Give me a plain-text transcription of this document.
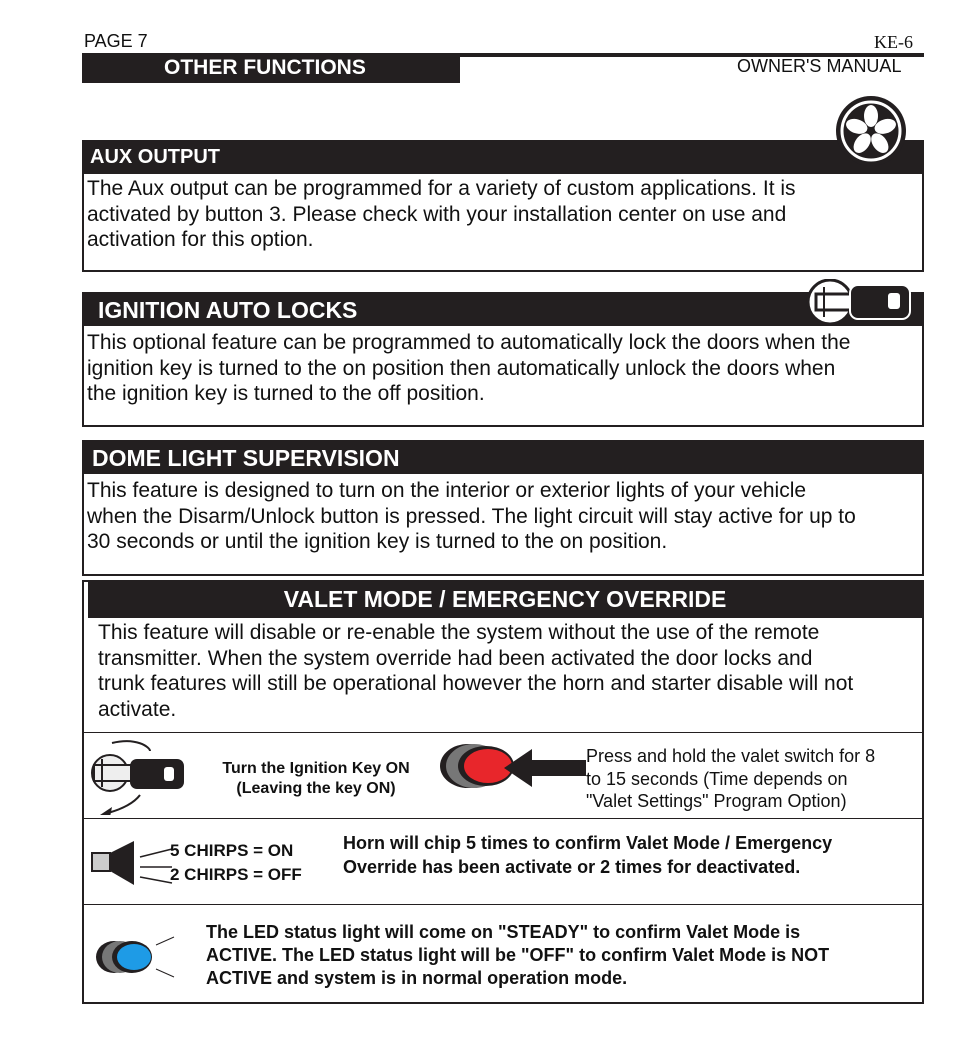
PAGE 7	KE-6
OTHER FUNCTIONS	OWNER'S MANUAL
AUX OUTPUT
The Aux output can be programmed for a variety of custom applications. It is
activated by button 3. Please check with your installation center on use and
activation for this option.
IGNITION AUTO LOCKS
This optional feature can be programmed to automatically lock the doors when the
ignition key is turned to the on position then automatically unlock the doors when
the ignition key is turned to the off position.
DOME LIGHT SUPERVISION
This feature is designed to turn on the interior or exterior lights of your vehicle
when the Disarm/Unlock button is pressed. The light circuit will stay active for up to
30 seconds or until the ignition key is turned to the on position.
VALET MODE / EMERGENCY OVERRIDE
This feature will disable or re-enable the system without the use of the remote
transmitter. When the system override had been activated the door locks and
trunk features will still be operational however the horn and starter disable will not
activate.
Turn the Ignition Key ON
(Leaving the key ON)
Press and hold the valet switch for 8
to 15 seconds (Time depends on
"Valet Settings" Program Option)
5 CHIRPS = ON
2 CHIRPS = OFF
Horn will chip 5 times to confirm Valet Mode / Emergency
Override has been activate or 2 times for deactivated.
The LED status light will come on "STEADY" to confirm Valet Mode is
ACTIVE. The LED status light will be "OFF" to confirm Valet Mode is NOT
ACTIVE and system is in normal operation mode.
